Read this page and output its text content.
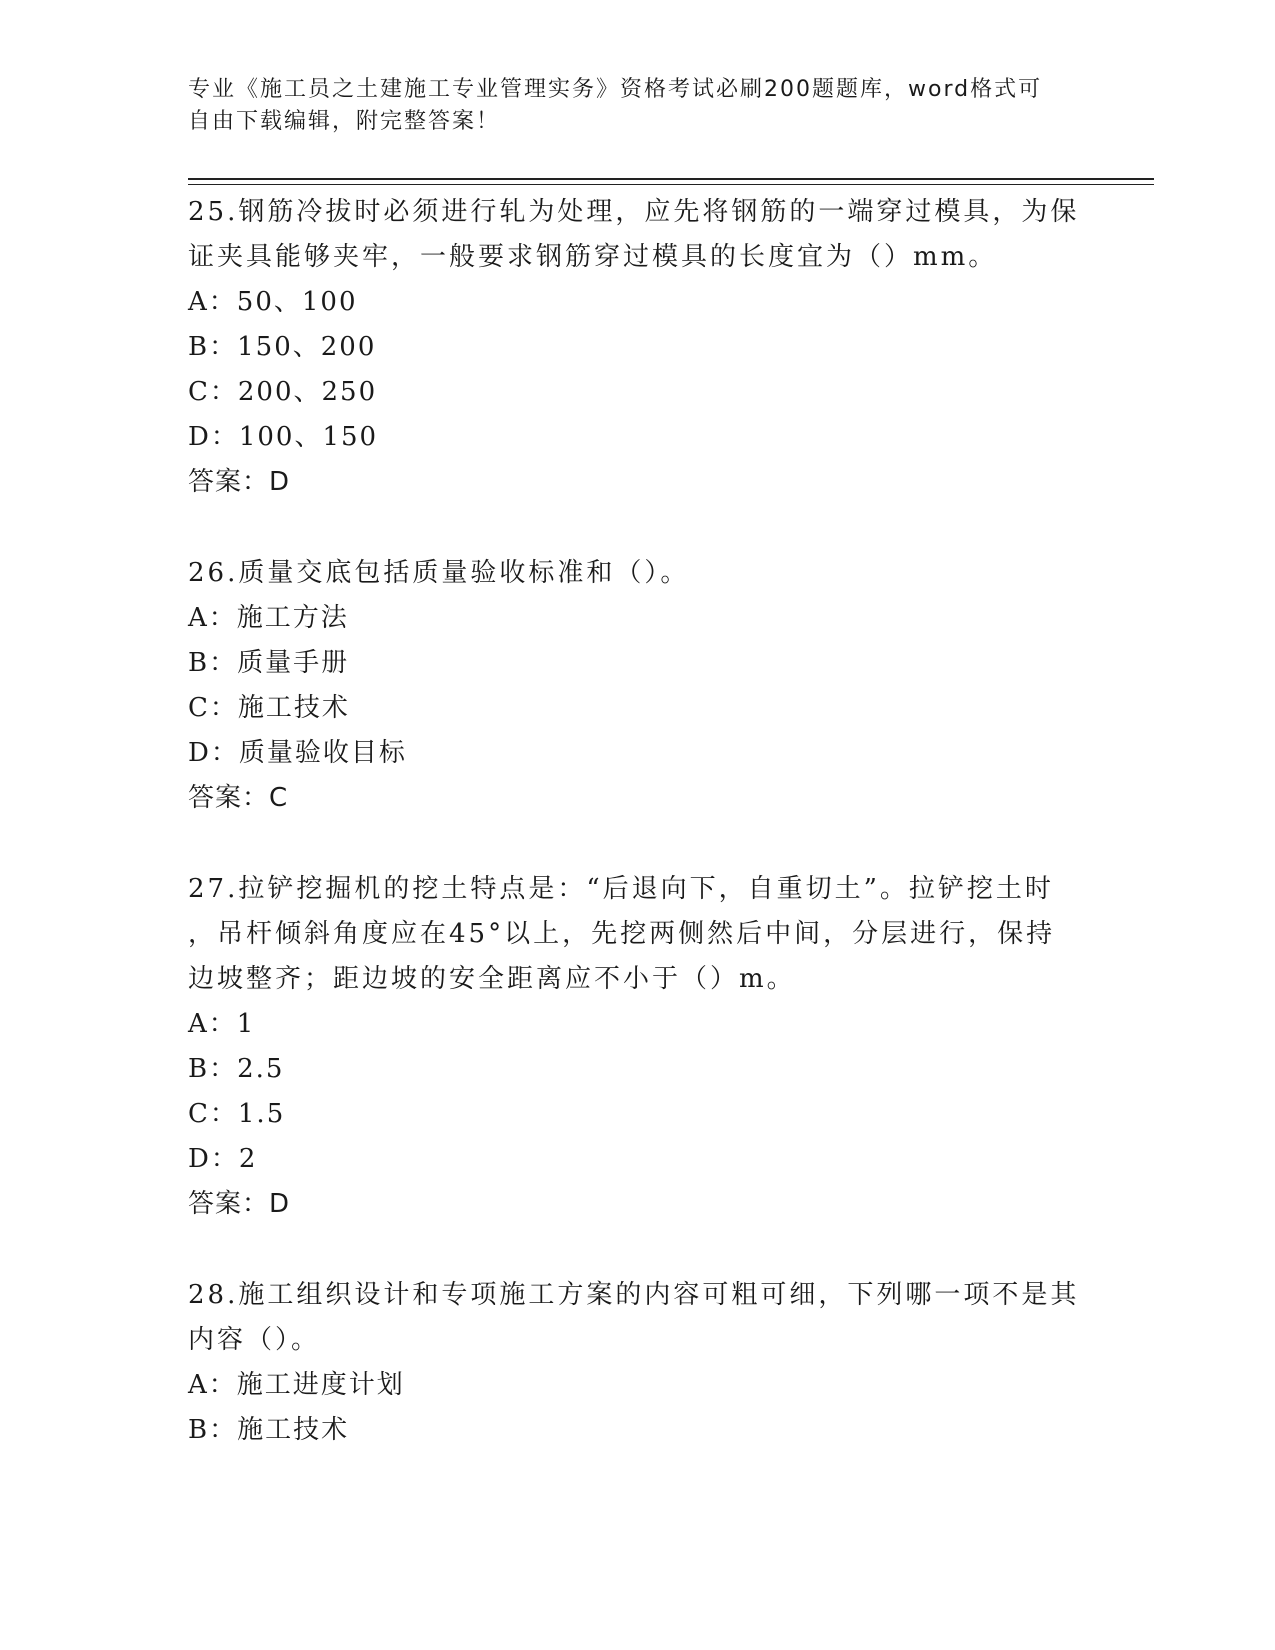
专业《施工员之土建施工专业管理实务》资格考试必刷200题题库，word格式可
自由下载编辑，附完整答案！

25.钢筋冷拔时必须进行轧为处理，应先将钢筋的一端穿过模具，为保

证夹具能够夹牢，一般要求钢筋穿过模具的长度宜为（）mm。

A：50、100

B：150、200

C：200、250

D：100、150

答案：D

26.质量交底包括质量验收标准和（）。

A：施工方法

B：质量手册

C：施工技术

D：质量验收目标

答案：C

27.拉铲挖掘机的挖土特点是：“后退向下，自重切土”。拉铲挖土时

，吊杆倾斜角度应在45°以上，先挖两侧然后中间，分层进行，保持

边坡整齐；距边坡的安全距离应不小于（）m。

A：1

B：2.5

C：1.5

D：2

答案：D

28.施工组织设计和专项施工方案的内容可粗可细，下列哪一项不是其

内容（）。

A：施工进度计划

B：施工技术
